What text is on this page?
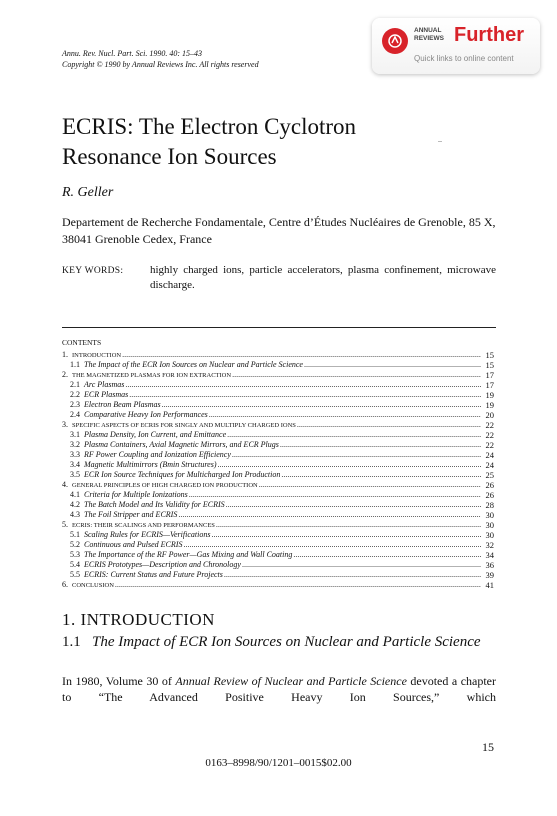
Annu. Rev. Nucl. Part. Sci. 1990. 40: 15–43
Copyright © 1990 by Annual Reviews Inc. All rights reserved
ANNUAL
REVIEWS Further
Quick links to online content
ECRIS: The Electron Cyclotron
Resonance Ion Sources
R. Geller
Departement de Recherche Fondamentale, Centre d’Études Nucléaires de Grenoble, 85 X, 38041 Grenoble Cedex, France
KEY WORDS: highly charged ions, particle accelerators, plasma confinement, microwave discharge.
CONTENTS
1. INTRODUCTION
.....
1.1 The Impact of the ECR Ion Sources on Nuclear and Particle Science
.....
2. THE MAGNETIZED PLASMAS FOR ION EXTRACTION
.....
2.1 Arc Plasmas
.....
2.2 ECR Plasmas
.....
2.3 Electron Beam Plasmas
.....
2.4 Comparative Heavy Ion Performances
.....
3. SPECIFIC ASPECTS OF ECRIS FOR SINGLY AND MULTIPLY CHARGED IONS
.....
3.1 Plasma Density, Ion Current, and Emittance
.....
3.2 Plasma Containers, Axial Magnetic Mirrors, and ECR Plugs
.....
3.3 RF Power Coupling and Ionization Efficiency
.....
3.4 Magnetic Multimirrors (Bmin Structures)
.....
3.5 ECR Ion Source Techniques for Multicharged Ion Production
.....
4. GENERAL PRINCIPLES OF HIGH CHARGED ION PRODUCTION
.....
4.1 Criteria for Multiple Ionizations
.....
4.2 The Batch Model and Its Validity for ECRIS
.....
4.3 The Foil Stripper and ECRIS
.....
5. ECRIS: THEIR SCALINGS AND PERFORMANCES
.....
5.1 Scaling Rules for ECRIS—Verifications
.....
5.2 Continuous and Pulsed ECRIS
.....
5.3 The Importance of the RF Power—Gas Mixing and Wall Coating
.....
5.4 ECRIS Prototypes—Description and Chronology
.....
5.5 ECRIS: Current Status and Future Projects
.....
6. CONCLUSION
.....
15
15
17
17
19
19
20
22
22
22
24
24
25
26
26
28
30
30
30
32
34
36
39
41
1. INTRODUCTION
1.1 The Impact of ECR Ion Sources on Nuclear and Particle Science
In 1980, Volume 30 of Annual Review of Nuclear and Particle Science devoted a chapter to “The Advanced Positive Heavy Ion Sources,” which
15
0163–8998/90/1201–0015$02.00
